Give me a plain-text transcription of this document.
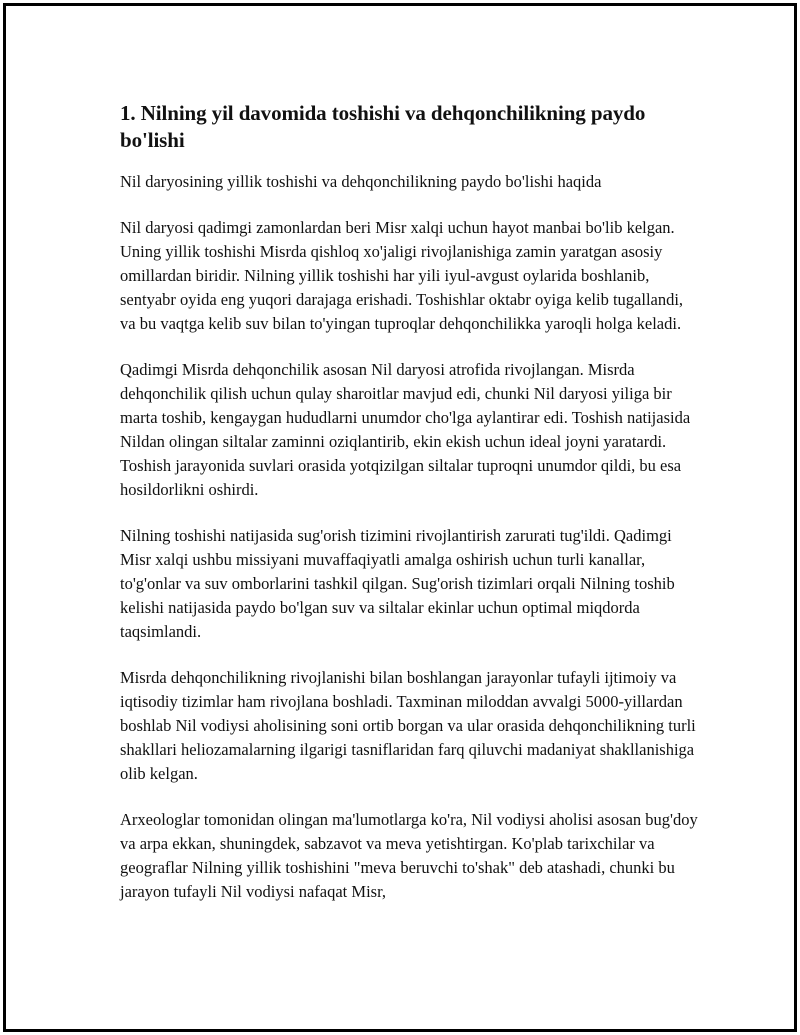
1. Nilning yil davomida toshishi va dehqonchilikning paydo bo'lishi

Nil daryosining yillik toshishi va dehqonchilikning paydo bo'lishi haqida

Nil daryosi qadimgi zamonlardan beri Misr xalqi uchun hayot manbai bo'lib kelgan. Uning yillik toshishi Misrda qishloq xo'jaligi rivojlanishiga zamin yaratgan asosiy omillardan biridir. Nilning yillik toshishi har yili iyul-avgust oylarida boshlanib, sentyabr oyida eng yuqori darajaga erishadi. Toshishlar oktabr oyiga kelib tugallandi, va bu vaqtga kelib suv bilan to'yingan tuproqlar dehqonchilikka yaroqli holga keladi.

Qadimgi Misrda dehqonchilik asosan Nil daryosi atrofida rivojlangan. Misrda dehqonchilik qilish uchun qulay sharoitlar mavjud edi, chunki Nil daryosi yiliga bir marta toshib, kengaygan hududlarni unumdor cho'lga aylantirar edi. Toshish natijasida Nildan olingan siltalar zaminni oziqlantirib, ekin ekish uchun ideal joyni yaratardi. Toshish jarayonida suvlari orasida yotqizilgan siltalar tuproqni unumdor qildi, bu esa hosildorlikni oshirdi.

Nilning toshishi natijasida sug'orish tizimini rivojlantirish zarurati tug'ildi. Qadimgi Misr xalqi ushbu missiyani muvaffaqiyatli amalga oshirish uchun turli kanallar, to'g'onlar va suv omborlarini tashkil qilgan. Sug'orish tizimlari orqali Nilning toshib kelishi natijasida paydo bo'lgan suv va siltalar ekinlar uchun optimal miqdorda taqsimlandi.

Misrda dehqonchilikning rivojlanishi bilan boshlangan jarayonlar tufayli ijtimoiy va iqtisodiy tizimlar ham rivojlana boshladi. Taxminan miloddan avvalgi 5000-yillardan boshlab Nil vodiysi aholisining soni ortib borgan va ular orasida dehqonchilikning turli shakllari heliozamalarning ilgarigi tasniflaridan farq qiluvchi madaniyat shakllanishiga olib kelgan.

Arxeologlar tomonidan olingan ma'lumotlarga ko'ra, Nil vodiysi aholisi asosan bug'doy va arpa ekkan, shuningdek, sabzavot va meva yetishtirgan. Ko'plab tarixchilar va geograflar Nilning yillik toshishini "meva beruvchi to'shak" deb atashadi, chunki bu jarayon tufayli Nil vodiysi nafaqat Misr,
